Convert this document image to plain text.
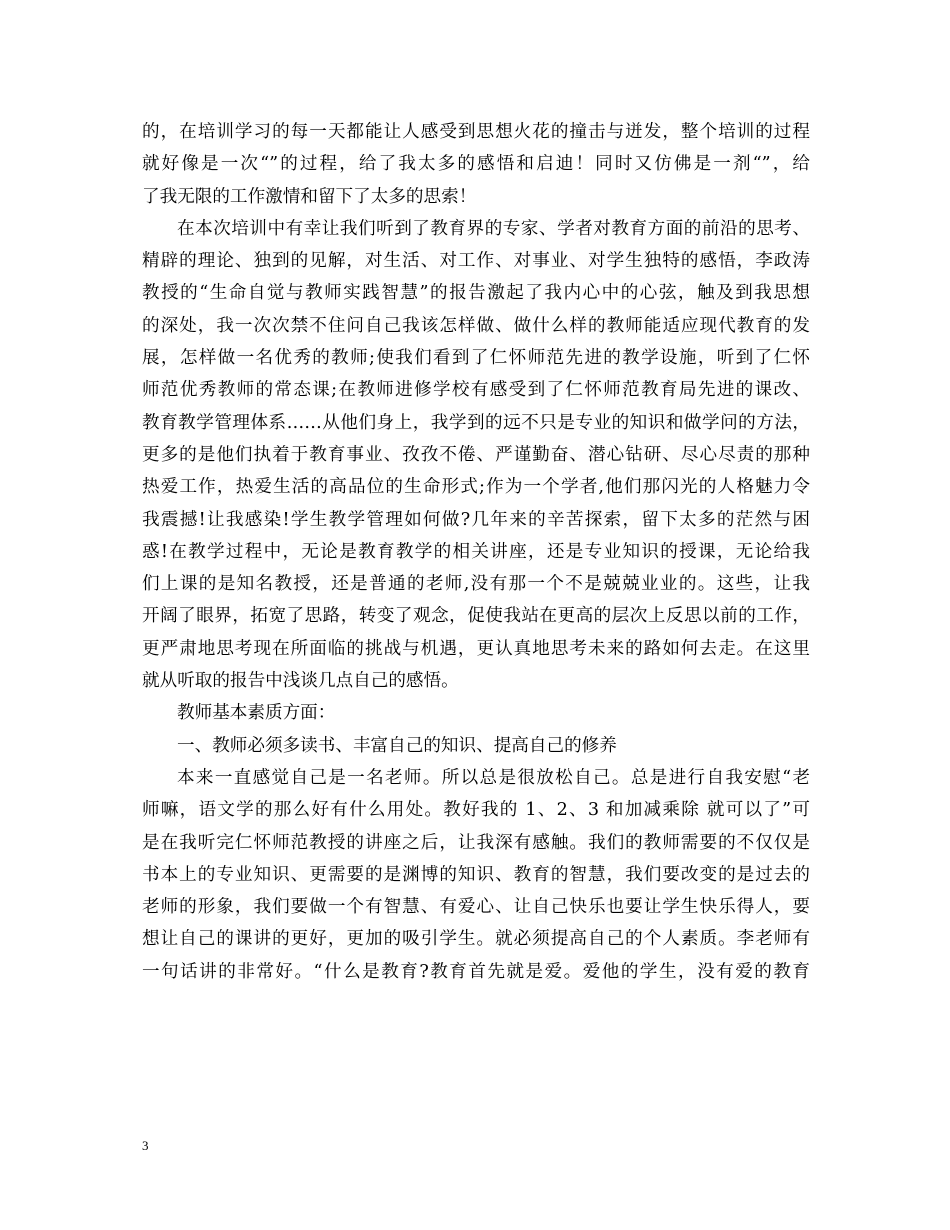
的，在培训学习的每一天都能让人感受到思想火花的撞击与迸发，整个培训的过程
就好像是一次“”的过程，给了我太多的感悟和启迪！同时又仿佛是一剂“”，给
了我无限的工作激情和留下了太多的思索！
在本次培训中有幸让我们听到了教育界的专家、学者对教育方面的前沿的思考、
精辟的理论、独到的见解，对生活、对工作、对事业、对学生独特的感悟，李政涛
教授的“生命自觉与教师实践智慧”的报告激起了我内心中的心弦，触及到我思想
的深处，我一次次禁不住问自己我该怎样做、做什么样的教师能适应现代教育的发
展，怎样做一名优秀的教师;使我们看到了仁怀师范先进的教学设施，听到了仁怀
师范优秀教师的常态课;在教师进修学校有感受到了仁怀师范教育局先进的课改、
教育教学管理体系……从他们身上，我学到的远不只是专业的知识和做学问的方法，
更多的是他们执着于教育事业、孜孜不倦、严谨勤奋、潜心钻研、尽心尽责的那种
热爱工作，热爱生活的高品位的生命形式;作为一个学者,他们那闪光的人格魅力令
我震撼!让我感染!学生教学管理如何做?几年来的辛苦探索，留下太多的茫然与困
惑!在教学过程中，无论是教育教学的相关讲座，还是专业知识的授课，无论给我
们上课的是知名教授，还是普通的老师,没有那一个不是兢兢业业的。这些，让我
开阔了眼界，拓宽了思路，转变了观念，促使我站在更高的层次上反思以前的工作，
更严肃地思考现在所面临的挑战与机遇，更认真地思考未来的路如何去走。在这里
就从听取的报告中浅谈几点自己的感悟。
教师基本素质方面：
一、教师必须多读书、丰富自己的知识、提高自己的修养
本来一直感觉自己是一名老师。所以总是很放松自己。总是进行自我安慰“老
师嘛，语文学的那么好有什么用处。教好我的 1、2、3 和加减乘除 就可以了”可
是在我听完仁怀师范教授的讲座之后，让我深有感触。我们的教师需要的不仅仅是
书本上的专业知识、更需要的是渊博的知识、教育的智慧，我们要改变的是过去的
老师的形象，我们要做一个有智慧、有爱心、让自己快乐也要让学生快乐得人，要
想让自己的课讲的更好，更加的吸引学生。就必须提高自己的个人素质。李老师有
一句话讲的非常好。“什么是教育?教育首先就是爱。爱他的学生，没有爱的教育
3
